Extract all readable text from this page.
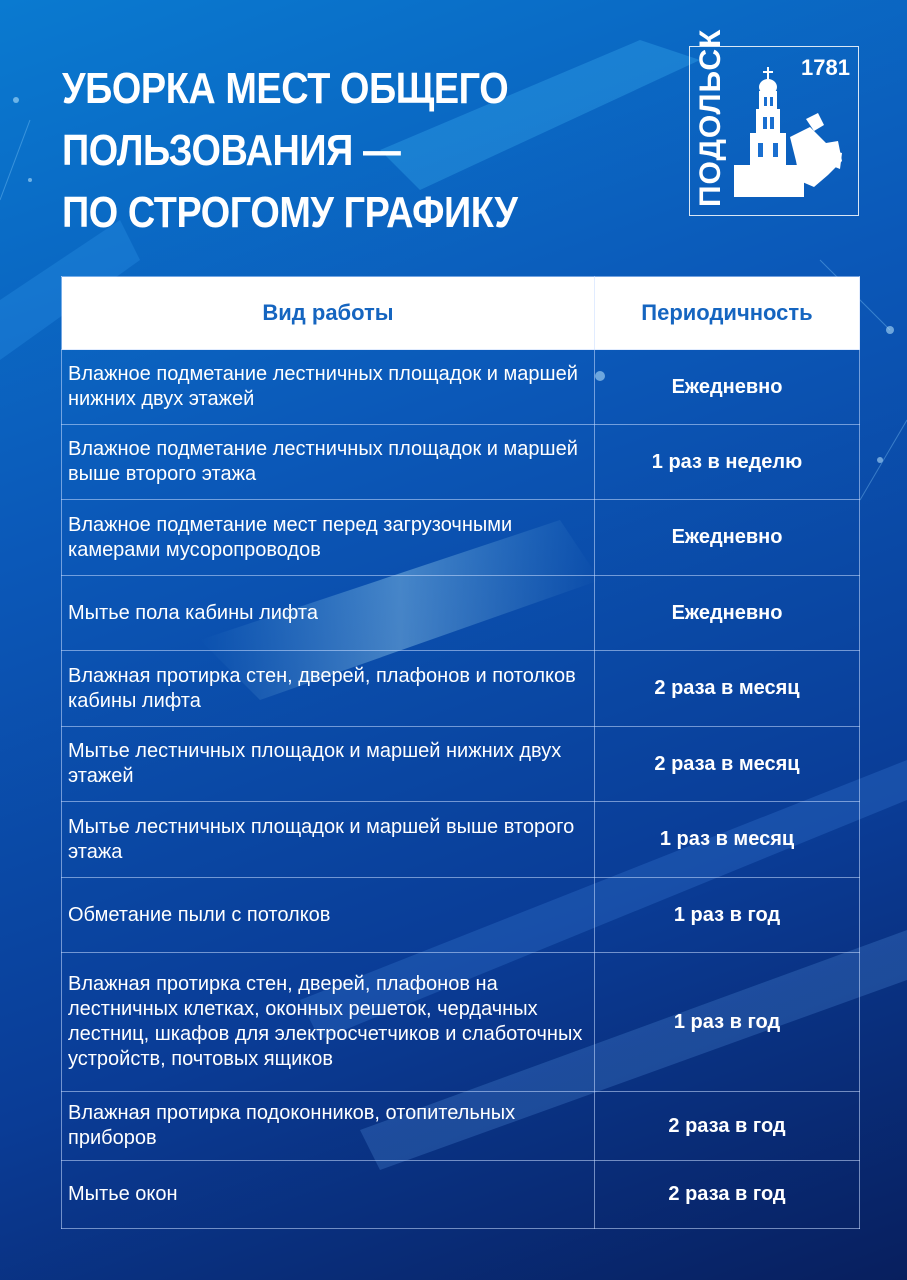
УБОРКА МЕСТ ОБЩЕГО
ПОЛЬЗОВАНИЯ —
ПО СТРОГОМУ ГРАФИКУ
1781
ПОДОЛЬСК
Вид работы	Периодичность
Влажное подметание лестничных площадок и маршей нижних двух этажей	Ежедневно
Влажное подметание лестничных площадок и маршей выше второго этажа	1 раз в неделю
Влажное подметание мест перед загрузочными камерами мусоропроводов	Ежедневно
Мытье пола кабины лифта	Ежедневно
Влажная протирка стен, дверей, плафонов и потолков кабины лифта	2 раза в месяц
Мытье лестничных площадок и маршей нижних двух этажей	2 раза в месяц
Мытье лестничных площадок и маршей выше второго этажа	1 раз в месяц
Обметание пыли с потолков	1 раз в год
Влажная протирка стен, дверей, плафонов на лестничных клетках, оконных решеток, чердачных лестниц, шкафов для электросчетчиков и слаботочных устройств, почтовых ящиков	1 раз в год
Влажная протирка подоконников, отопительных приборов	2 раза в год
Мытье окон	2 раза в год
